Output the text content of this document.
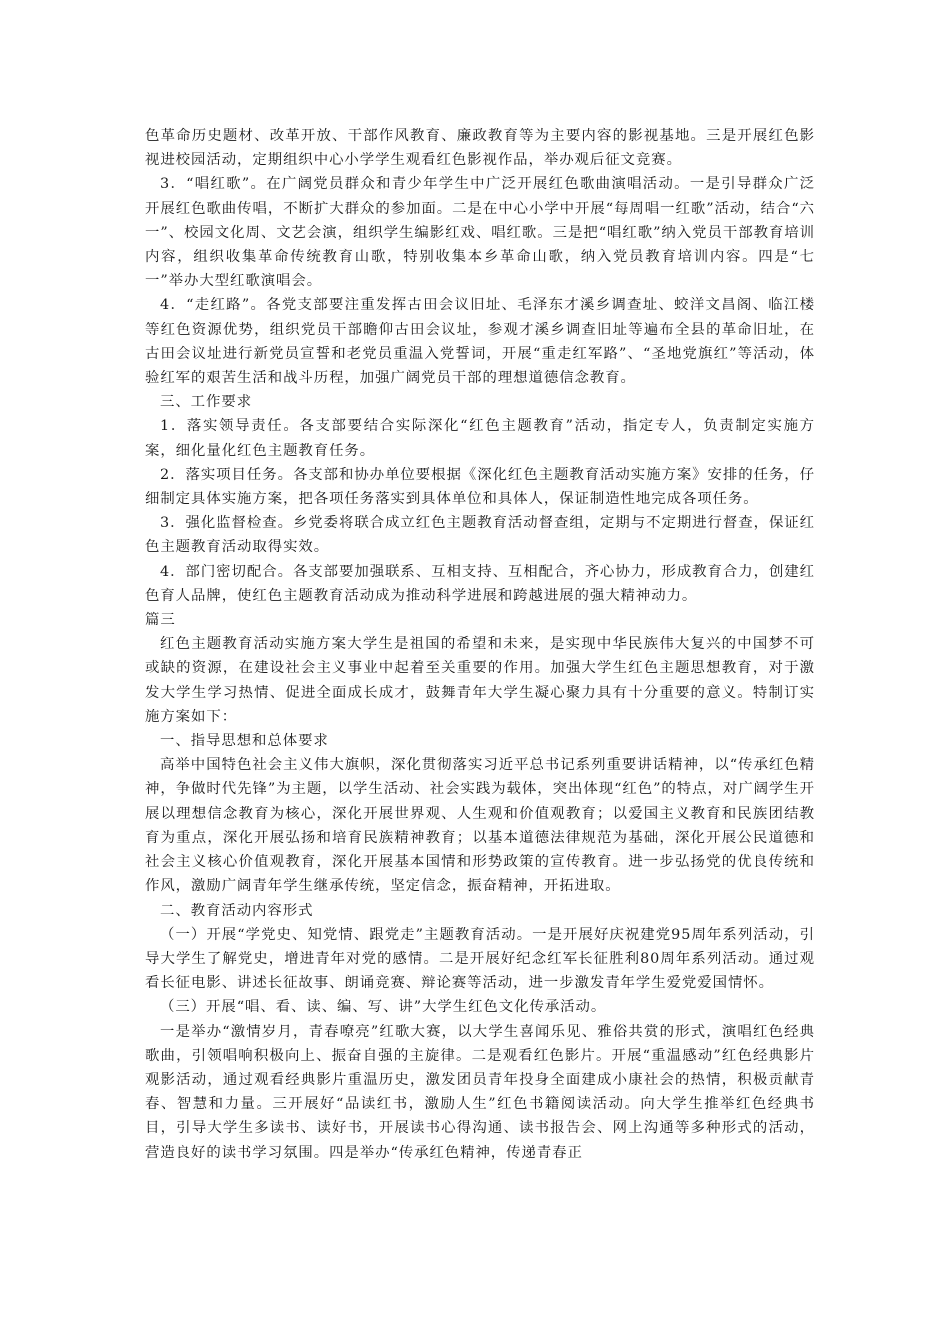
色革命历史题材、改革开放、干部作风教育、廉政教育等为主要内容的影视基地。三是开展红色影视进校园活动，定期组织中心小学学生观看红色影视作品，举办观后征文竞赛。

3．“唱红歌”。在广阔党员群众和青少年学生中广泛开展红色歌曲演唱活动。一是引导群众广泛开展红色歌曲传唱，不断扩大群众的参加面。二是在中心小学中开展“每周唱一红歌”活动，结合“六一”、校园文化周、文艺会演，组织学生编影红戏、唱红歌。三是把“唱红歌”纳入党员干部教育培训内容，组织收集革命传统教育山歌，特别收集本乡革命山歌，纳入党员教育培训内容。四是“七一”举办大型红歌演唱会。

4．“走红路”。各党支部要注重发挥古田会议旧址、毛泽东才溪乡调查址、蛟洋文昌阁、临江楼等红色资源优势，组织党员干部瞻仰古田会议址，参观才溪乡调查旧址等遍布全县的革命旧址，在古田会议址进行新党员宣誓和老党员重温入党誓词，开展“重走红军路”、“圣地党旗红”等活动，体验红军的艰苦生活和战斗历程，加强广阔党员干部的理想道德信念教育。

三、工作要求

1．落实领导责任。各支部要结合实际深化“红色主题教育”活动，指定专人，负责制定实施方案，细化量化红色主题教育任务。

2．落实项目任务。各支部和协办单位要根据《深化红色主题教育活动实施方案》安排的任务，仔细制定具体实施方案，把各项任务落实到具体单位和具体人，保证制造性地完成各项任务。

3．强化监督检查。乡党委将联合成立红色主题教育活动督查组，定期与不定期进行督查，保证红色主题教育活动取得实效。

4．部门密切配合。各支部要加强联系、互相支持、互相配合，齐心协力，形成教育合力，创建红色育人品牌，使红色主题教育活动成为推动科学进展和跨越进展的强大精神动力。

篇三

红色主题教育活动实施方案大学生是祖国的希望和未来，是实现中华民族伟大复兴的中国梦不可或缺的资源，在建设社会主义事业中起着至关重要的作用。加强大学生红色主题思想教育，对于激发大学生学习热情、促进全面成长成才，鼓舞青年大学生凝心聚力具有十分重要的意义。特制订实施方案如下：

一、指导思想和总体要求

高举中国特色社会主义伟大旗帜，深化贯彻落实习近平总书记系列重要讲话精神，以“传承红色精神，争做时代先锋”为主题，以学生活动、社会实践为载体，突出体现“红色”的特点，对广阔学生开展以理想信念教育为核心，深化开展世界观、人生观和价值观教育；以爱国主义教育和民族团结教育为重点，深化开展弘扬和培育民族精神教育；以基本道德法律规范为基础，深化开展公民道德和社会主义核心价值观教育，深化开展基本国情和形势政策的宣传教育。进一步弘扬党的优良传统和作风，激励广阔青年学生继承传统，坚定信念，振奋精神，开拓进取。

二、教育活动内容形式

（一）开展“学党史、知党情、跟党走”主题教育活动。一是开展好庆祝建党95周年系列活动，引导大学生了解党史，增进青年对党的感情。二是开展好纪念红军长征胜利80周年系列活动。通过观看长征电影、讲述长征故事、朗诵竞赛、辩论赛等活动，进一步激发青年学生爱党爱国情怀。

（三）开展“唱、看、读、编、写、讲”大学生红色文化传承活动。

一是举办“激情岁月，青春嘹亮”红歌大赛，以大学生喜闻乐见、雅俗共赏的形式，演唱红色经典歌曲，引领唱响积极向上、振奋自强的主旋律。二是观看红色影片。开展“重温感动”红色经典影片观影活动，通过观看经典影片重温历史，激发团员青年投身全面建成小康社会的热情，积极贡献青春、智慧和力量。三开展好“品读红书，激励人生”红色书籍阅读活动。向大学生推举红色经典书目，引导大学生多读书、读好书，开展读书心得沟通、读书报告会、网上沟通等多种形式的活动，营造良好的读书学习氛围。四是举办“传承红色精神，传递青春正
